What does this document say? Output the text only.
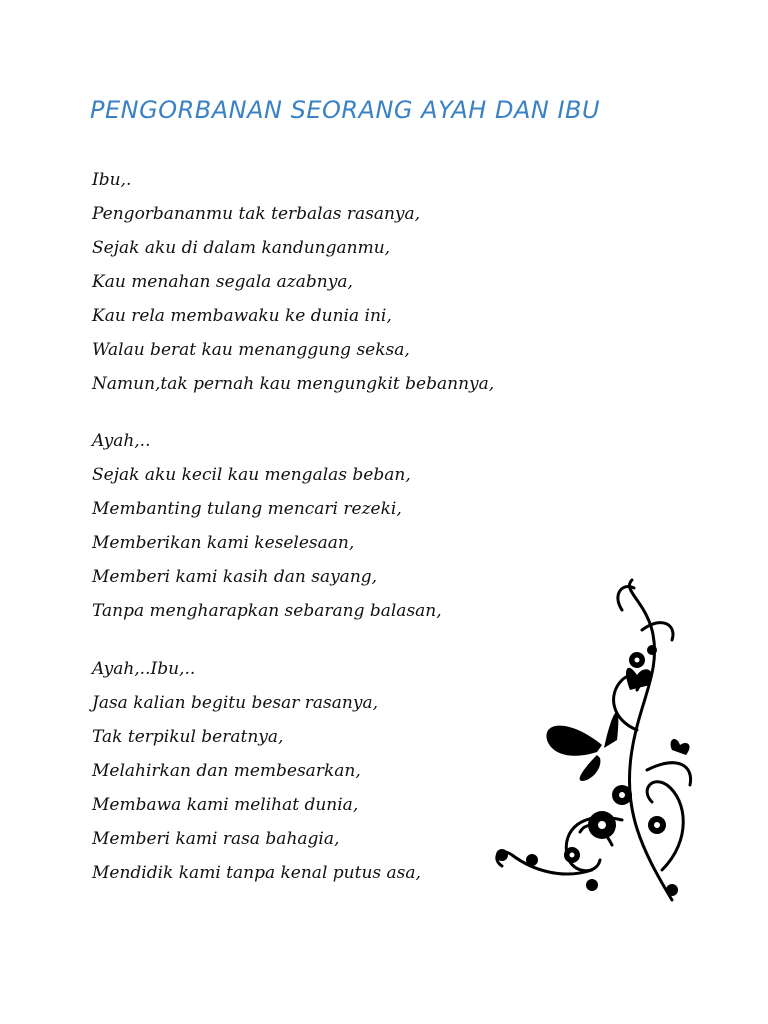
PENGORBANAN SEORANG AYAH DAN IBU
Ibu,.
Pengorbananmu tak terbalas rasanya,
Sejak aku di dalam kandunganmu,
Kau menahan segala azabnya,
Kau rela membawaku ke dunia ini,
Walau berat kau menanggung seksa,
Namun,tak pernah kau mengungkit bebannya,
Ayah,..
Sejak aku kecil kau mengalas beban,
Membanting tulang mencari rezeki,
Memberikan kami keselesaan,
Memberi kami kasih dan sayang,
Tanpa mengharapkan sebarang balasan,
Ayah,..Ibu,..
Jasa kalian begitu besar rasanya,
Tak terpikul beratnya,
Melahirkan dan membesarkan,
Membawa kami melihat dunia,
Memberi kami rasa bahagia,
Mendidik kami tanpa kenal putus asa,
